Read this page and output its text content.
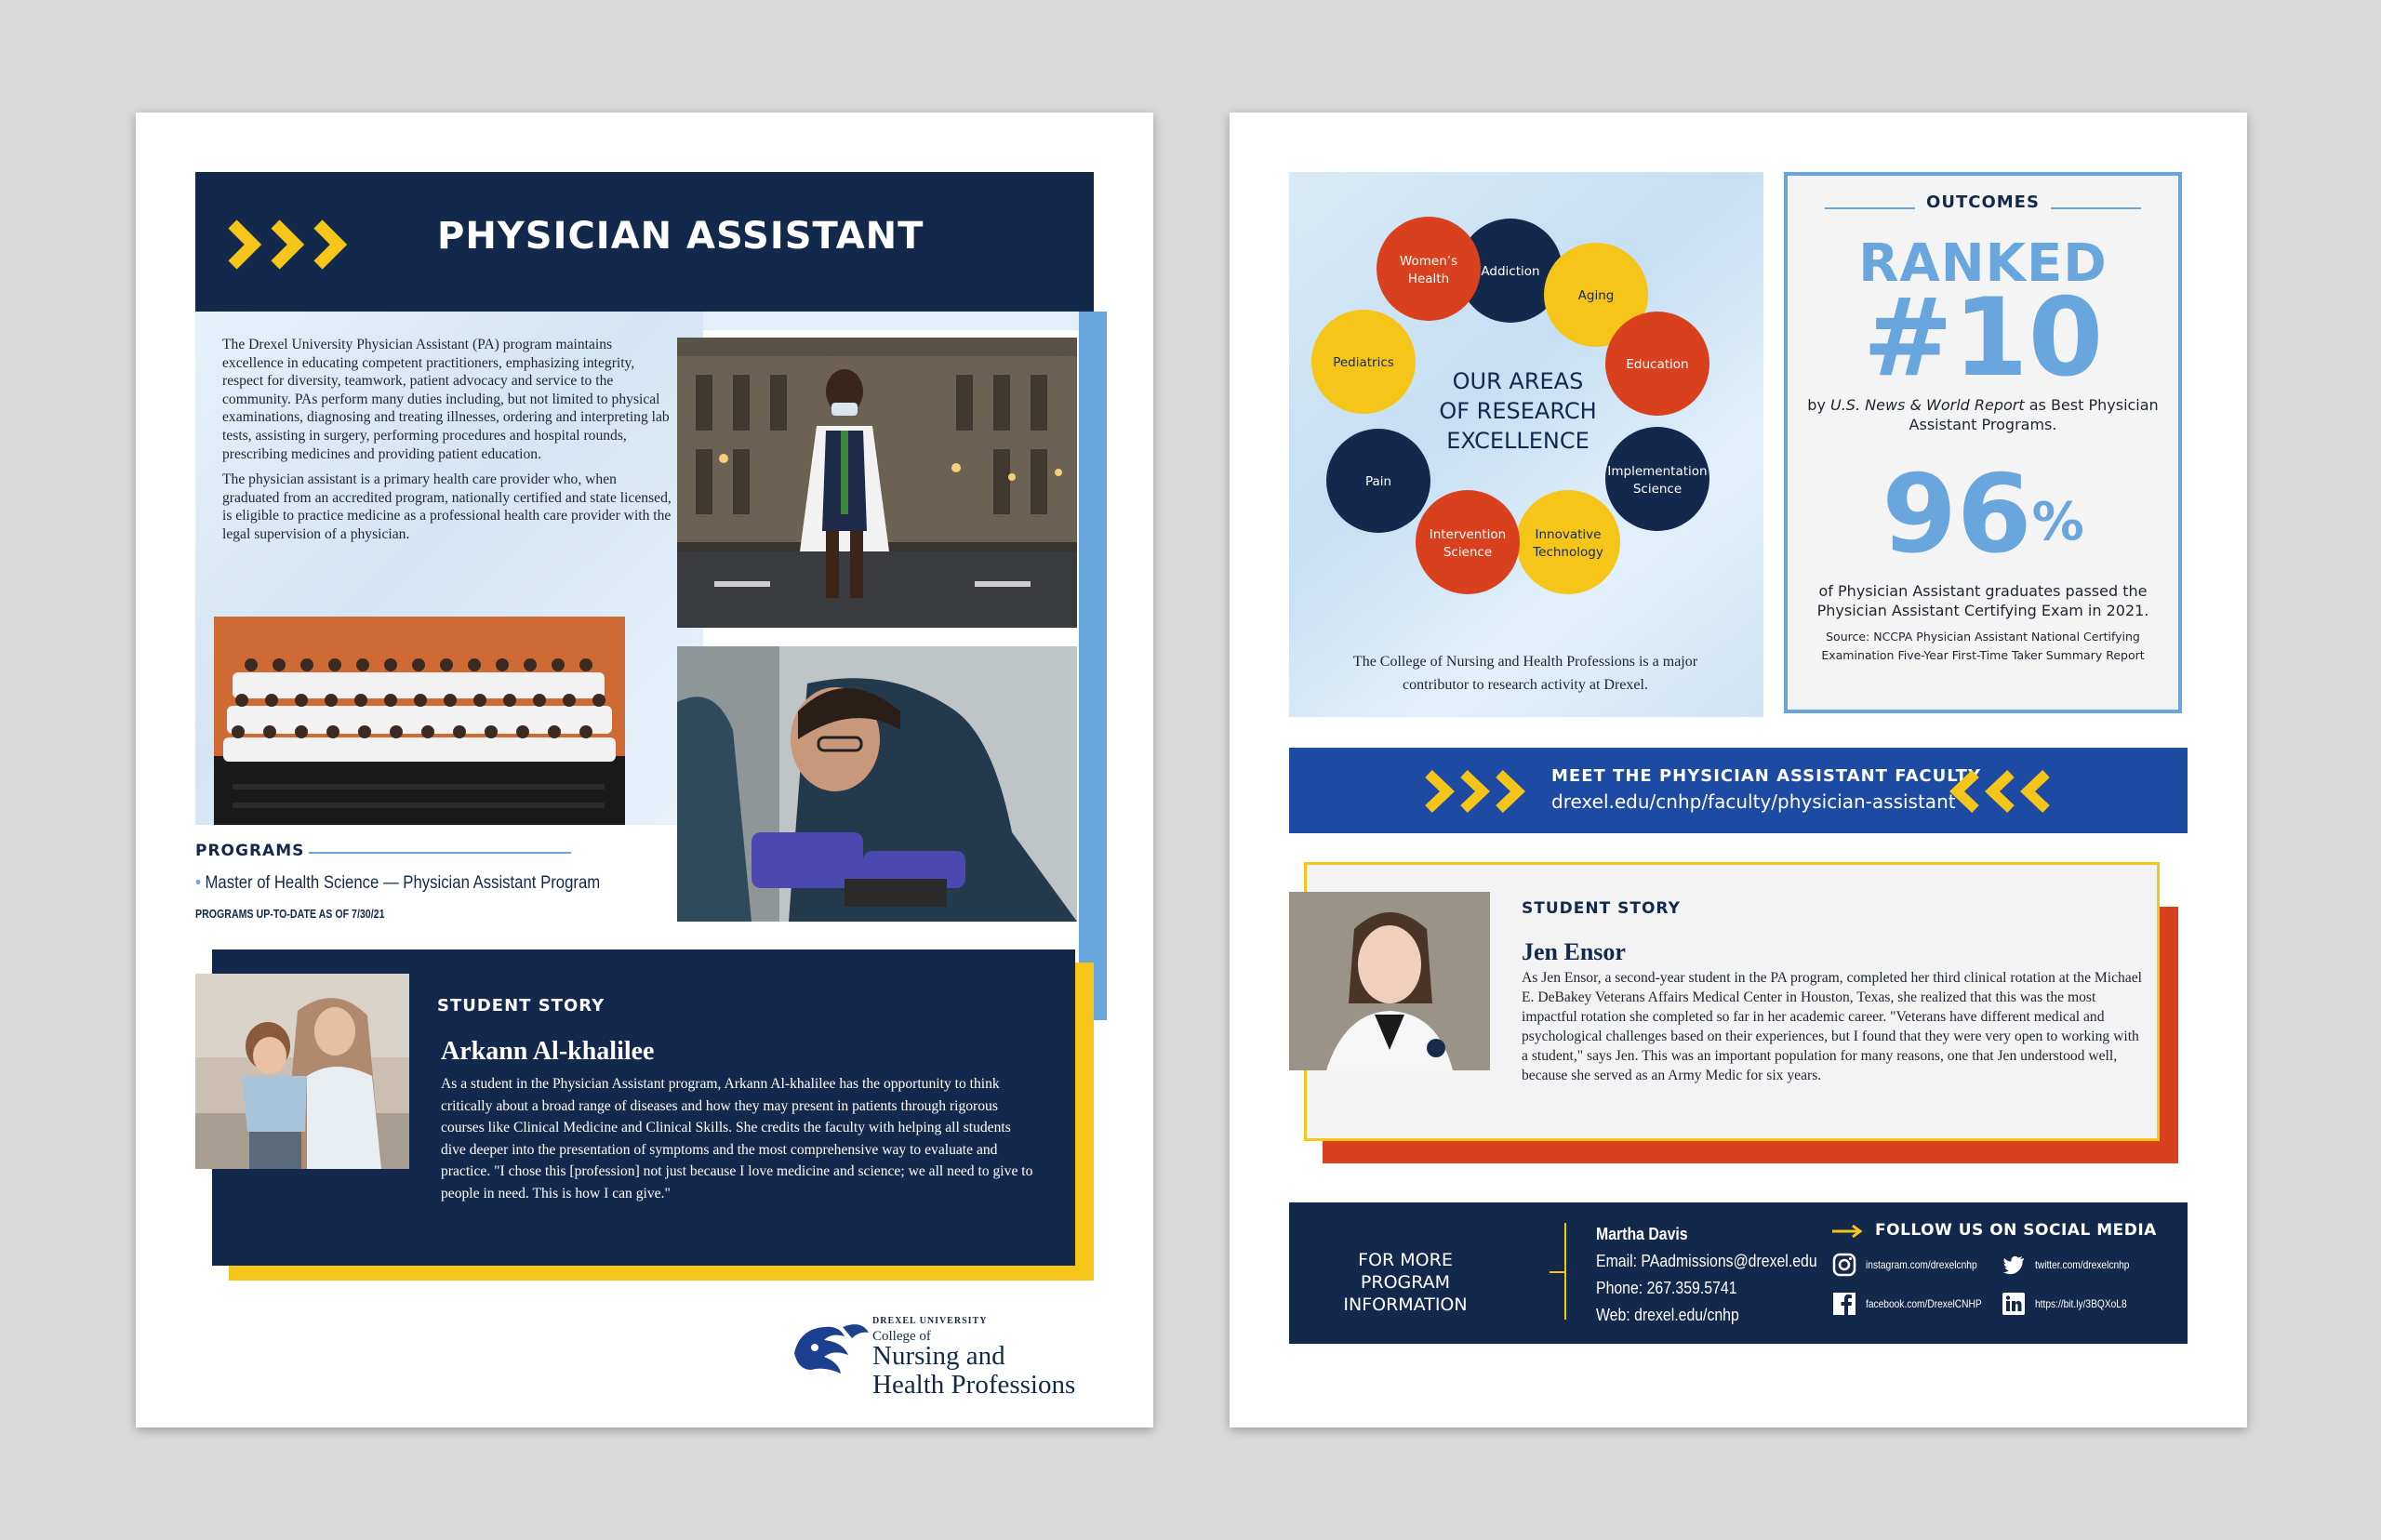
PHYSICIAN ASSISTANT

The Drexel University Physician Assistant (PA) program maintains excellence in educating competent practitioners, emphasizing integrity, respect for diversity, teamwork, patient advocacy and service to the community. PAs perform many duties including, but not limited to physical examinations, diagnosing and treating illnesses, ordering and interpreting lab tests, assisting in surgery, performing procedures and hospital rounds, prescribing medicines and providing patient education.

The physician assistant is a primary health care provider who, when graduated from an accredited program, nationally certified and state licensed, is eligible to practice medicine as a professional health care provider with the legal supervision of a physician.

PROGRAMS
• Master of Health Science — Physician Assistant Program
PROGRAMS UP-TO-DATE AS OF 7/30/21
STUDENT STORY
Arkann Al-khalilee
As a student in the Physician Assistant program, Arkann Al-khalilee has the opportunity to think critically about a broad range of diseases and how they may present in patients through rigorous courses like Clinical Medicine and Clinical Skills. She credits the faculty with helping all students dive deeper into the presentation of symptoms and the most comprehensive way to evaluate and practice. "I chose this [profession] not just because I love medicine and science; we all need to give to people in need. This is how I can give."
DREXEL UNIVERSITY
College of
Nursing and
Health Professions
OUR AREAS
OF RESEARCH
EXCELLENCE
Addiction
Aging
Education
Implementation
Science
Innovative
Technology
Intervention
Science
Pain
Pediatrics
Women’s
Health
The College of Nursing and Health Professions is a major contributor to research activity at Drexel.
OUTCOMES
RANKED
#10
by U.S. News & World Report as Best Physician Assistant Programs.
96%
of Physician Assistant graduates passed the Physician Assistant Certifying Exam in 2021.
Source: NCCPA Physician Assistant National Certifying Examination Five-Year First-Time Taker Summary Report
MEET THE PHYSICIAN ASSISTANT FACULTY
drexel.edu/cnhp/faculty/physician-assistant
STUDENT STORY
Jen Ensor
As Jen Ensor, a second-year student in the PA program, completed her third clinical rotation at the Michael E. DeBakey Veterans Affairs Medical Center in Houston, Texas, she realized that this was the most impactful rotation she completed so far in her academic career. "Veterans have different medical and psychological challenges based on their experiences, but I found that they were very open to working with a student," says Jen. This was an important population for many reasons, one that Jen understood well, because she served as an Army Medic for six years.
FOR MORE PROGRAM
INFORMATION
Martha Davis
Email: PAadmissions@drexel.edu
Phone: 267.359.5741
Web: drexel.edu/cnhp
FOLLOW US ON SOCIAL MEDIA
instagram.com/drexelcnhp	twitter.com/drexelcnhp
facebook.com/DrexelCNHP	https://bit.ly/3BQXoL8
